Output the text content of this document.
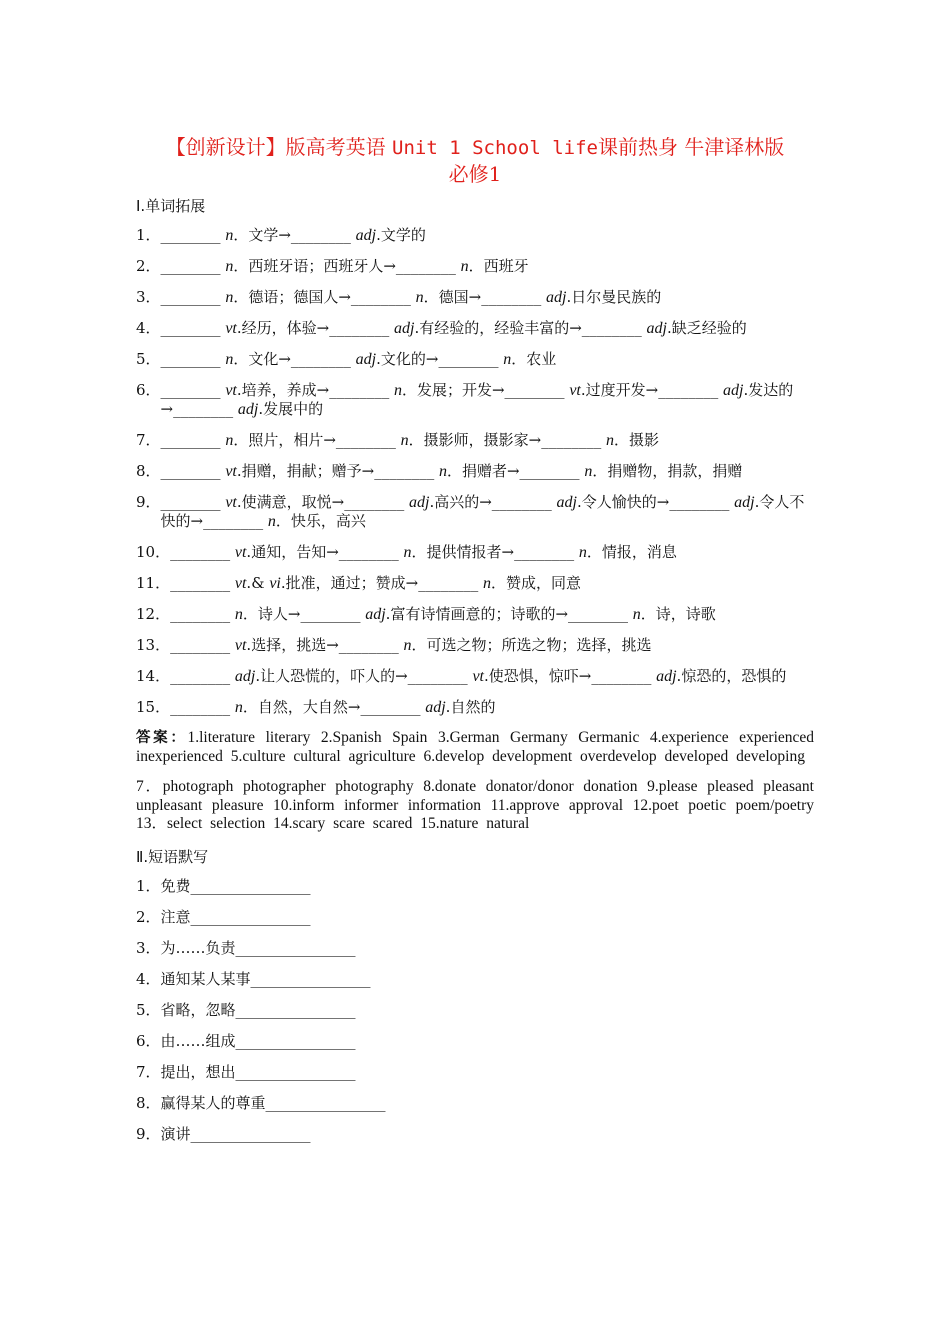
【创新设计】版高考英语 Unit 1 School life课前热身 牛津译林版
必修1
Ⅰ.单词拓展
1． ________ n．文学→________ adj.文学的
2． ________ n．西班牙语；西班牙人→________ n．西班牙
3． ________ n．德语；德国人→________ n．德国→________ adj.日尔曼民族的
4． ________ vt.经历，体验→________ adj.有经验的，经验丰富的→________ adj.缺乏经验的
5． ________ n．文化→________ adj.文化的→________ n．农业
6． ________ vt.培养，养成→________ n．发展；开发→________ vt.过度开发→________ adj.发达的→________ adj.发展中的
7． ________ n．照片，相片→________ n．摄影师，摄影家→________ n．摄影
8． ________ vt.捐赠，捐献；赠予→________ n．捐赠者→________ n．捐赠物，捐款，捐赠
9． ________ vt.使满意，取悦→________ adj.高兴的→________ adj.令人愉快的→________ adj.令人不快的→________ n．快乐，高兴
10． ________ vt.通知，告知→________ n．提供情报者→________ n．情报，消息
11． ________ vt.& vi.批准，通过；赞成→________ n．赞成，同意
12． ________ n．诗人→________ adj.富有诗情画意的；诗歌的→________ n．诗，诗歌
13． ________ vt.选择，挑选→________ n．可选之物；所选之物；选择，挑选
14． ________ adj.让人恐慌的，吓人的→________ vt.使恐惧，惊吓→________ adj.惊恐的，恐惧的
15． ________ n．自然，大自然→________ adj.自然的
答案：1.literature literary 2.Spanish Spain 3.German Germany Germanic 4.experience experienced inexperienced 5.culture cultural agriculture 6.develop development overdevelop developed developing
7．photograph photographer photography 8.donate donator/donor donation 9.please pleased pleasant unpleasant pleasure 10.inform informer information 11.approve approval 12.poet poetic poem/poetry 13．select selection 14.scary scare scared 15.nature natural
Ⅱ.短语默写
1．免费________________
2．注意________________
3．为……负责________________
4．通知某人某事________________
5．省略，忽略________________
6．由……组成________________
7．提出，想出________________
8．赢得某人的尊重________________
9．演讲________________
